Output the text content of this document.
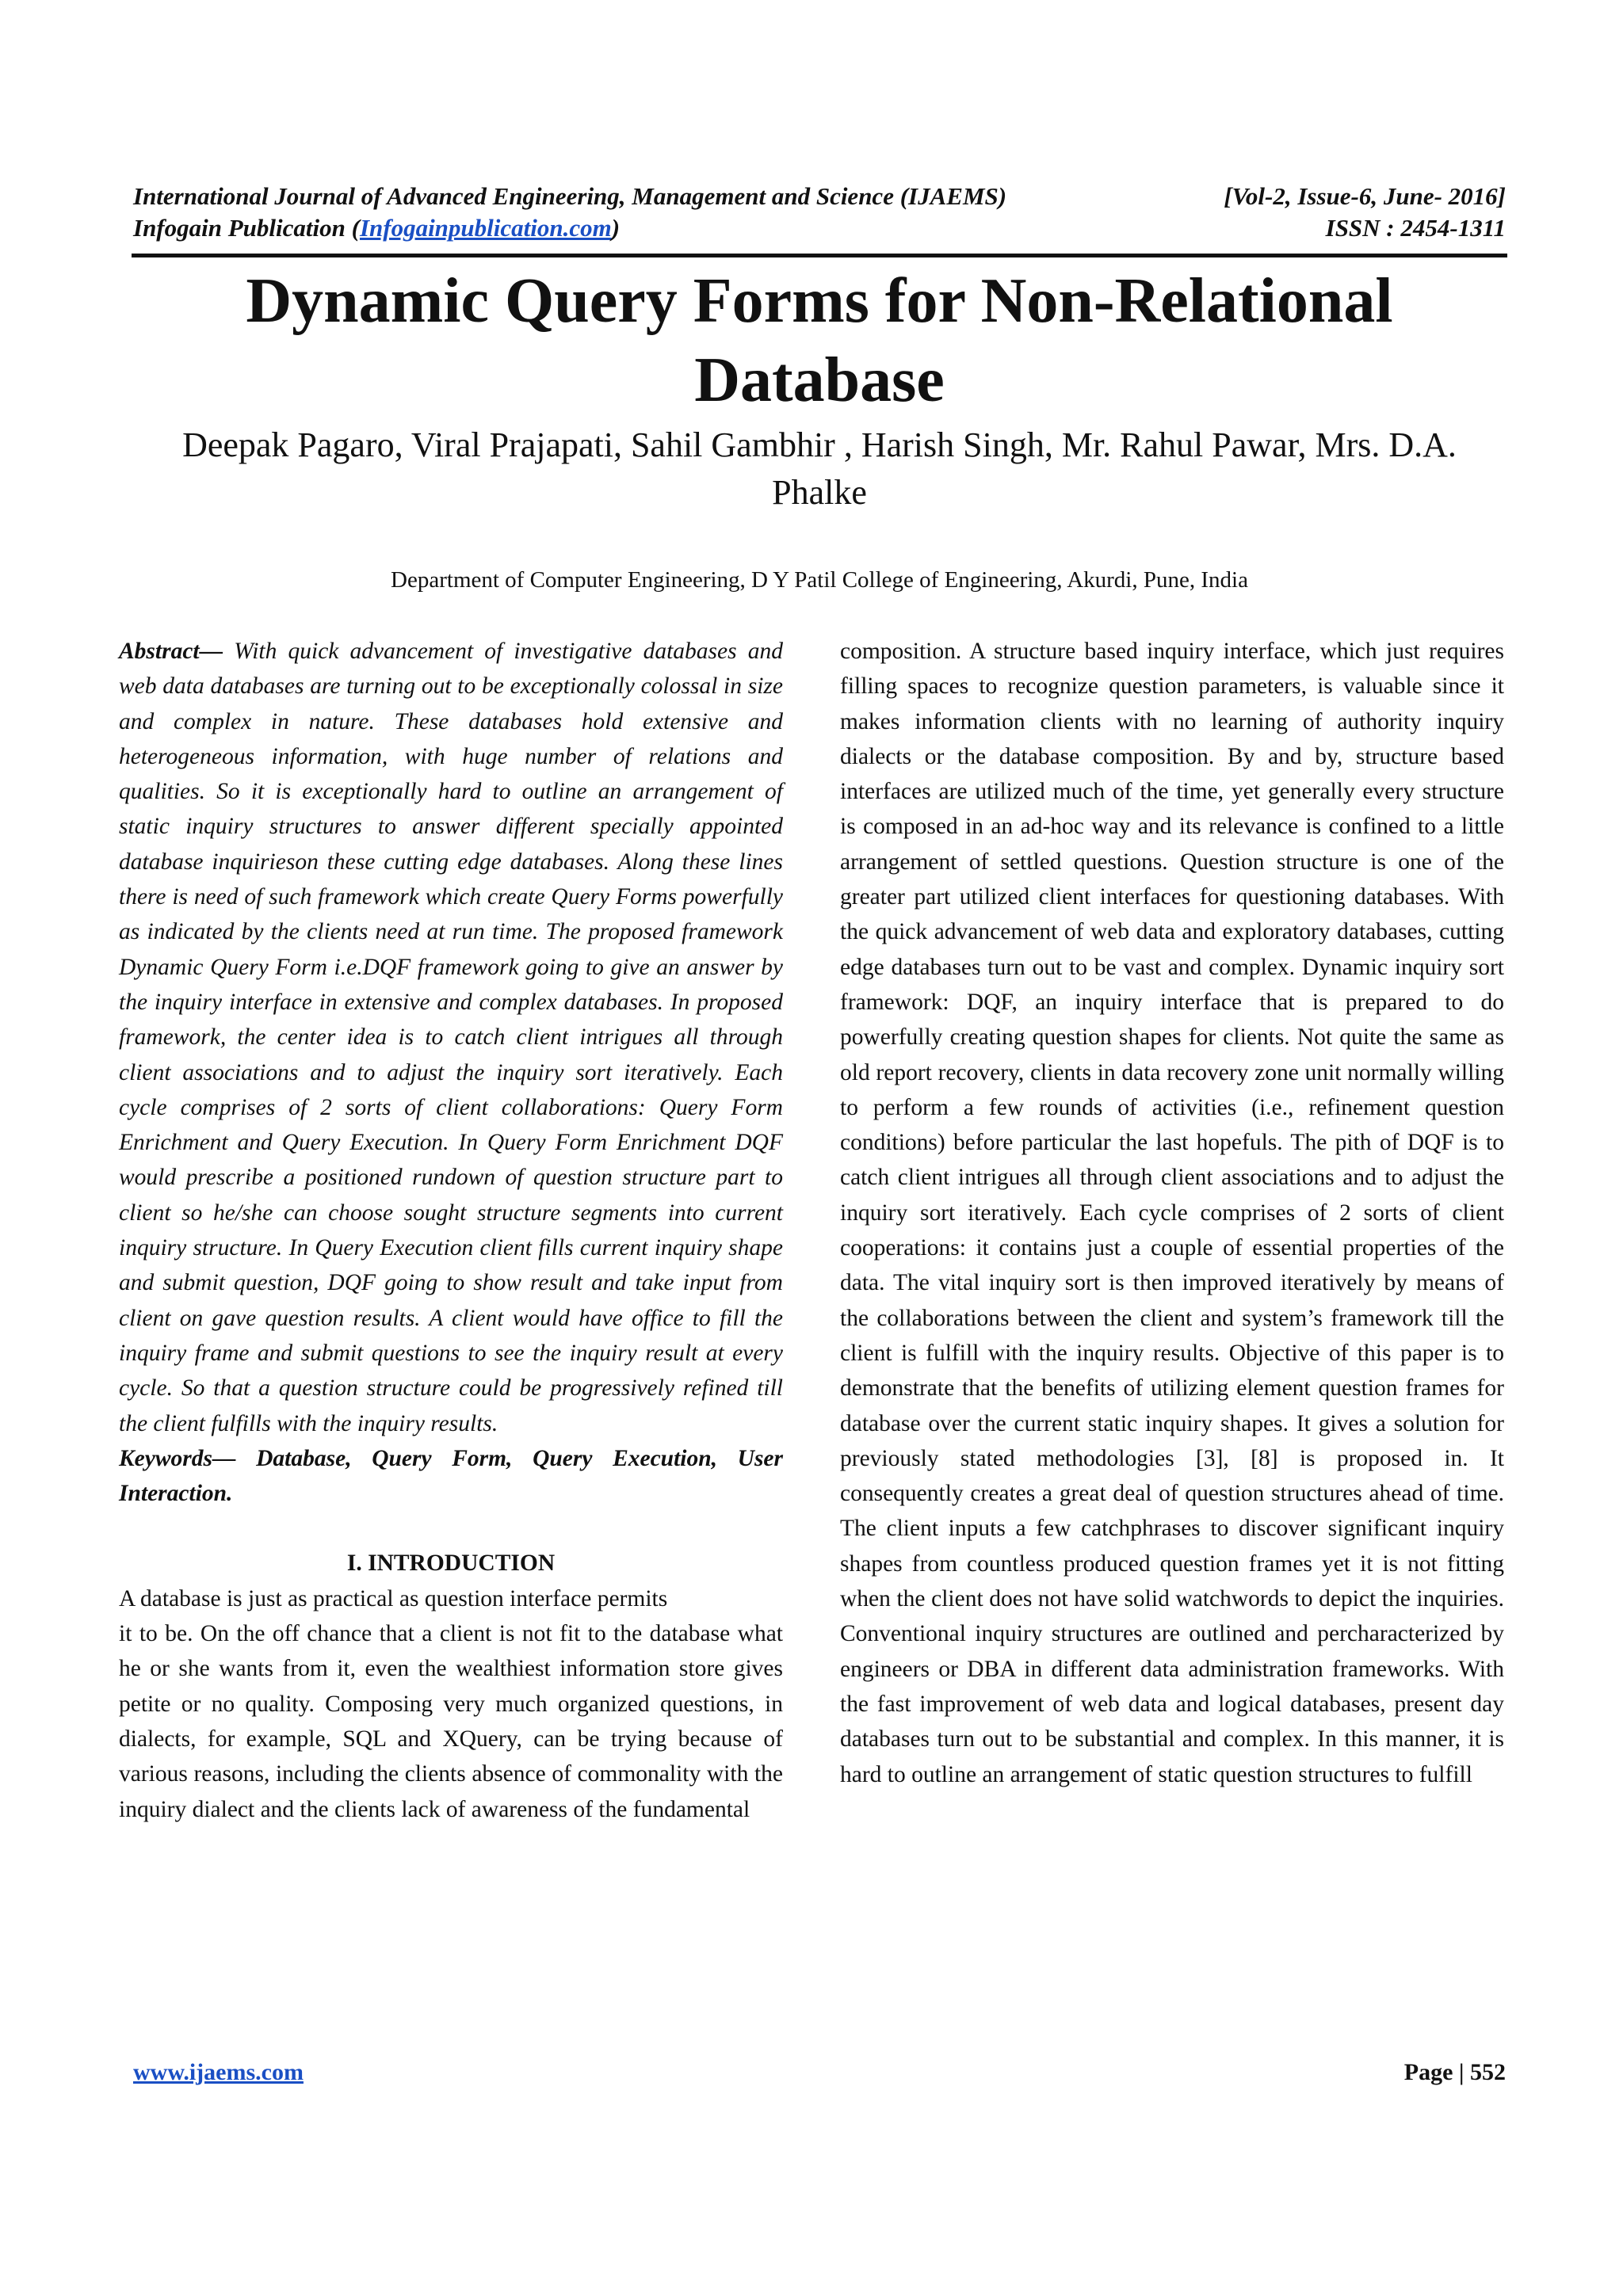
International Journal of Advanced Engineering, Management and Science (IJAEMS)	[Vol-2, Issue-6, June- 2016]
Infogain Publication (Infogainpublication.com)	ISSN : 2454-1311
Dynamic Query Forms for Non-Relational Database
Deepak Pagaro, Viral Prajapati, Sahil Gambhir , Harish Singh, Mr. Rahul Pawar, Mrs. D.A. Phalke
Department of Computer Engineering, D Y Patil College of Engineering, Akurdi, Pune, India

Abstract— With quick advancement of investigative databases and web data databases are turning out to be exceptionally colossal in size and complex in nature. These databases hold extensive and heterogeneous information, with huge number of relations and qualities. So it is exceptionally hard to outline an arrangement of static inquiry structures to answer different specially appointed database inquirieson these cutting edge databases. Along these lines there is need of such framework which create Query Forms powerfully as indicated by the clients need at run time. The proposed framework Dynamic Query Form i.e.DQF framework going to give an answer by the inquiry interface in extensive and complex databases. In proposed framework, the center idea is to catch client intrigues all through client associations and to adjust the inquiry sort iteratively. Each cycle comprises of 2 sorts of client collaborations: Query Form Enrichment and Query Execution. In Query Form Enrichment DQF would prescribe a positioned rundown of question structure part to client so he/she can choose sought structure segments into current inquiry structure. In Query Execution client fills current inquiry shape and submit question, DQF going to show result and take input from client on gave question results. A client would have office to fill the inquiry frame and submit questions to see the inquiry result at every cycle. So that a question structure could be progressively refined till the client fulfills with the inquiry results.

Keywords— Database, Query Form, Query Execution, User Interaction.

I. INTRODUCTION

A database is just as practical as question interface permits

it to be. On the off chance that a client is not fit to the database what he or she wants from it, even the wealthiest information store gives petite or no quality. Composing very much organized questions, in dialects, for example, SQL and XQuery, can be trying because of various reasons, including the clients absence of commonality with the inquiry dialect and the clients lack of awareness of the fundamental

composition. A structure based inquiry interface, which just requires filling spaces to recognize question parameters, is valuable since it makes information clients with no learning of authority inquiry dialects or the database composition. By and by, structure based interfaces are utilized much of the time, yet generally every structure is composed in an ad-hoc way and its relevance is confined to a little arrangement of settled questions. Question structure is one of the greater part utilized client interfaces for questioning databases. With the quick advancement of web data and exploratory databases, cutting edge databases turn out to be vast and complex. Dynamic inquiry sort framework: DQF, an inquiry interface that is prepared to do powerfully creating question shapes for clients. Not quite the same as old report recovery, clients in data recovery zone unit normally willing to perform a few rounds of activities (i.e., refinement question conditions) before particular the last hopefuls. The pith of DQF is to catch client intrigues all through client associations and to adjust the inquiry sort iteratively. Each cycle comprises of 2 sorts of client cooperations: it contains just a couple of essential properties of the data. The vital inquiry sort is then improved iteratively by means of the collaborations between the client and system’s framework till the client is fulfill with the inquiry results. Objective of this paper is to demonstrate that the benefits of utilizing element question frames for database over the current static inquiry shapes. It gives a solution for previously stated methodologies [3], [8] is proposed in. It consequently creates a great deal of question structures ahead of time. The client inputs a few catchphrases to discover significant inquiry shapes from countless produced question frames yet it is not fitting when the client does not have solid watchwords to depict the inquiries. Conventional inquiry structures are outlined and percharacterized by engineers or DBA in different data administration frameworks. With the fast improvement of web data and logical databases, present day databases turn out to be substantial and complex. In this manner, it is hard to outline an arrangement of static question structures to fulfill

www.ijaems.com	Page | 552
